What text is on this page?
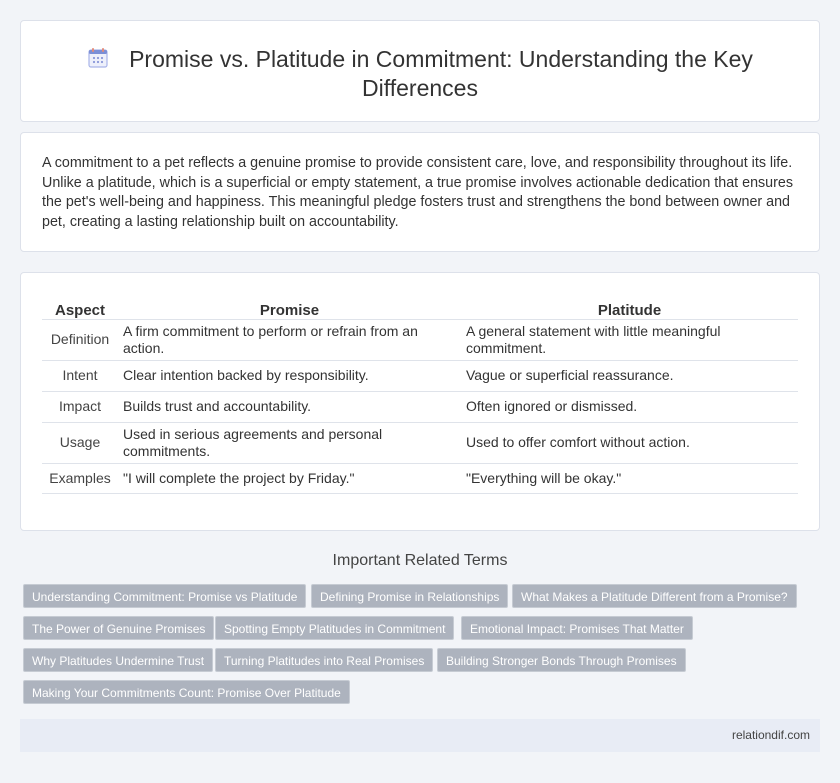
Promise vs. Platitude in Commitment: Understanding the Key Differences

A commitment to a pet reflects a genuine promise to provide consistent care, love, and responsibility throughout its life. Unlike a platitude, which is a superficial or empty statement, a true promise involves actionable dedication that ensures the pet's well-being and happiness. This meaningful pledge fosters trust and strengthens the bond between owner and pet, creating a lasting relationship built on accountability.

Aspect	Promise	Platitude
Definition	A firm commitment to perform or refrain from an action.	A general statement with little meaningful commitment.
Intent	Clear intention backed by responsibility.	Vague or superficial reassurance.
Impact	Builds trust and accountability.	Often ignored or dismissed.
Usage	Used in serious agreements and personal commitments.	Used to offer comfort without action.
Examples	"I will complete the project by Friday."	"Everything will be okay."
Important Related Terms
Understanding Commitment: Promise vs Platitude	Defining Promise in Relationships	What Makes a Platitude Different from a Promise?
The Power of Genuine Promises	Spotting Empty Platitudes in Commitment	Emotional Impact: Promises That Matter
Why Platitudes Undermine Trust	Turning Platitudes into Real Promises	Building Stronger Bonds Through Promises
Making Your Commitments Count: Promise Over Platitude
relationdif.com
